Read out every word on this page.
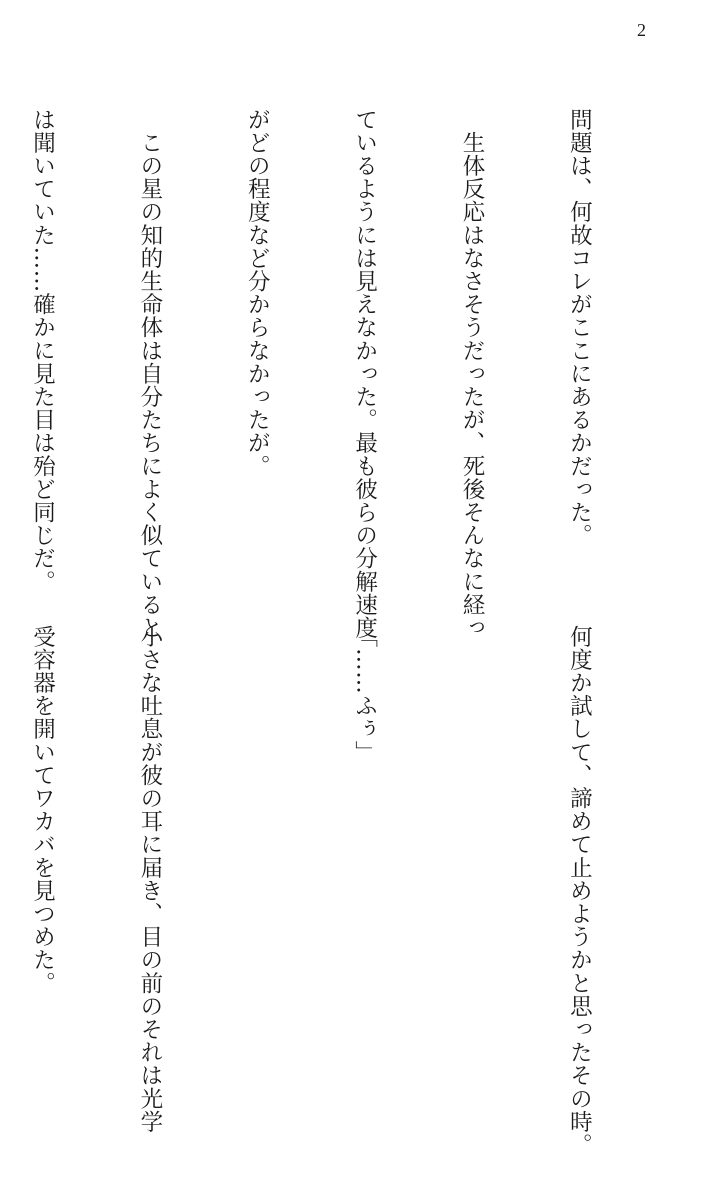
2

問題は、何故コレがここにあるかだった。

　生体反応はなさそうだったが、死後そんなに経っ

ているようには見えなかった。最も彼らの分解速度

がどの程度など分からなかったが。

　この星の知的生命体は自分たちによく似ていると

は聞いていた……確かに見た目は殆ど同じだ。

何度か試して、諦めて止めようかと思ったその時。

「……ふぅ」

小さな吐息が彼の耳に届き、目の前のそれは光学

受容器を開いてワカバを見つめた。
